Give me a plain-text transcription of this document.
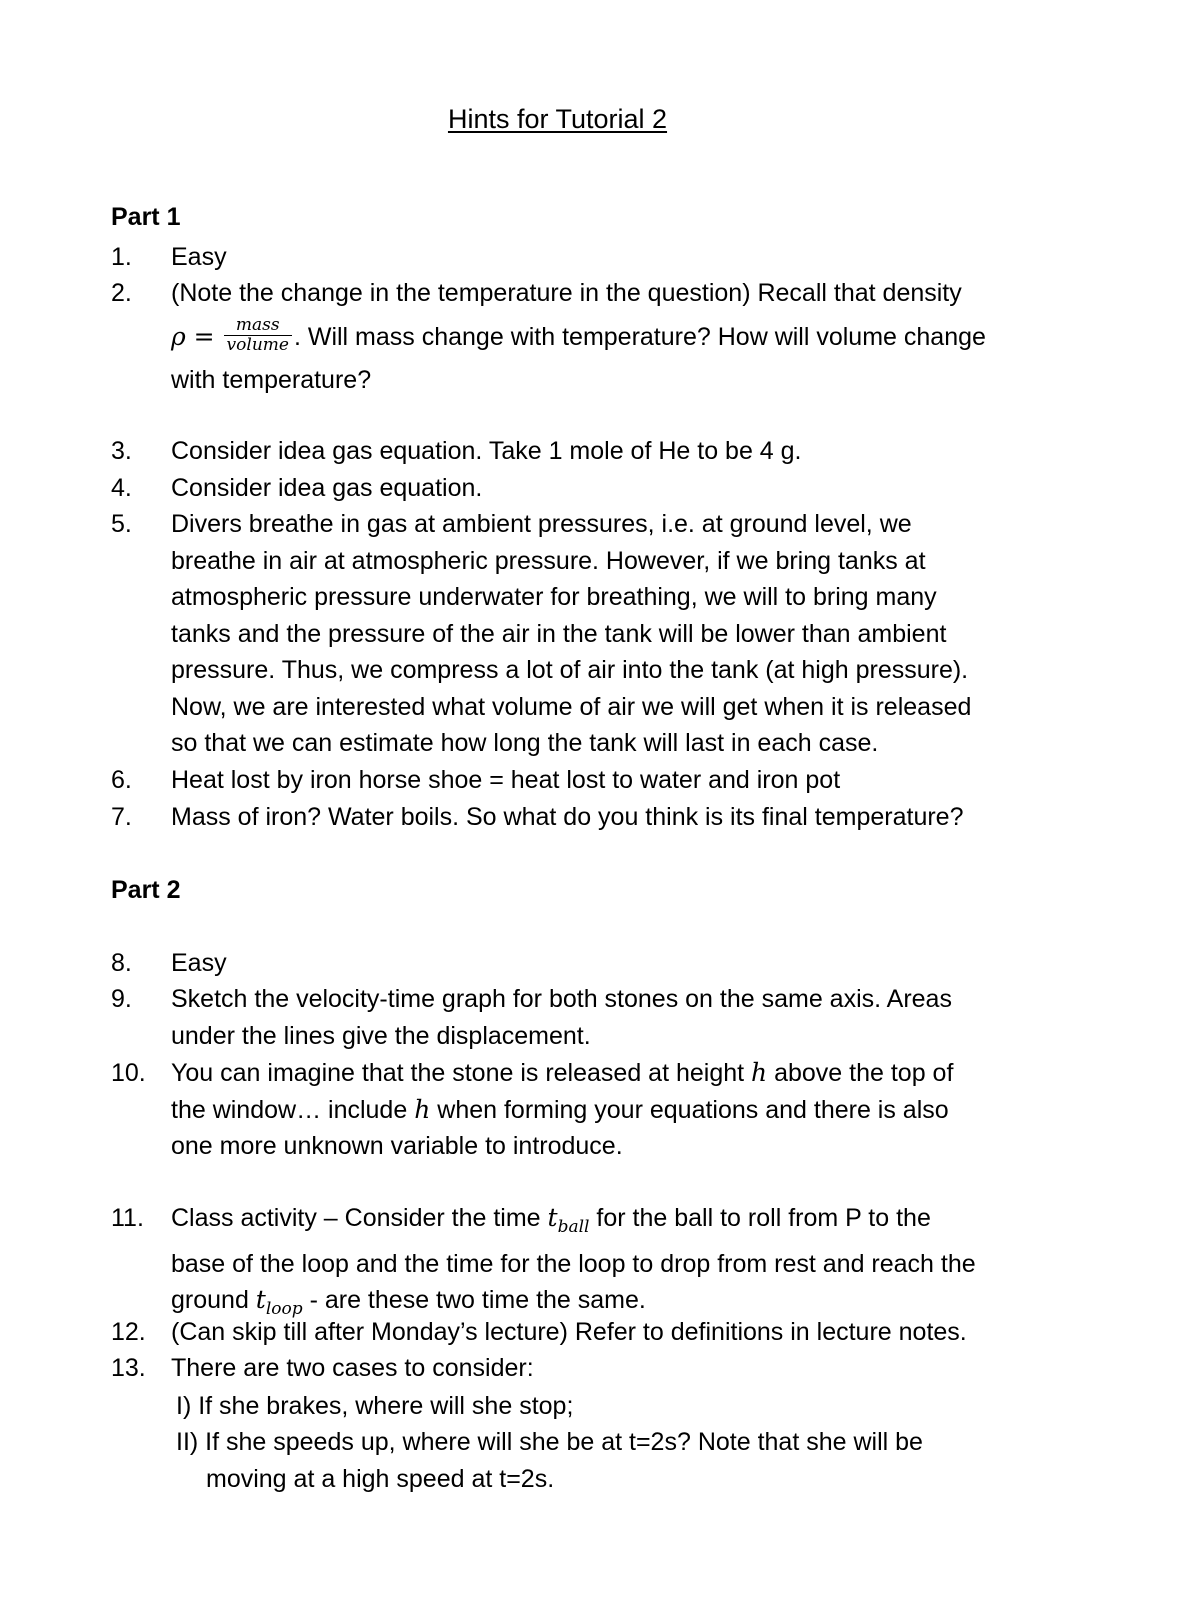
Hints for Tutorial 2
Part 1
1. Easy
2. (Note the change in the temperature in the question) Recall that density
$\rho = \frac{\text{mass}}{\text{volume}}$ . Will mass change with temperature? How will volume change
with temperature?
3. Consider idea gas equation. Take 1 mole of He to be 4 g.
4. Consider idea gas equation.
5. Divers breathe in gas at ambient pressures, i.e. at ground level, we
breathe in air at atmospheric pressure. However, if we bring tanks at
atmospheric pressure underwater for breathing, we will to bring many
tanks and the pressure of the air in the tank will be lower than ambient
pressure. Thus, we compress a lot of air into the tank (at high pressure).
Now, we are interested what volume of air we will get when it is released
so that we can estimate how long the tank will last in each case.
6. Heat lost by iron horse shoe = heat lost to water and iron pot
7. Mass of iron? Water boils. So what do you think is its final temperature?
Part 2
8. Easy
9. Sketch the velocity-time graph for both stones on the same axis. Areas
under the lines give the displacement.
10. You can imagine that the stone is released at height h above the top of
the window… include h when forming your equations and there is also
one more unknown variable to introduce.
11. Class activity – Consider the time $t_{ball}$ for the ball to roll from P to the
base of the loop and the time for the loop to drop from rest and reach the
ground $t_{loop}$ - are these two time the same.
12. (Can skip till after Monday’s lecture) Refer to definitions in lecture notes.
13. There are two cases to consider:
I) If she brakes, where will she stop;
II) If she speeds up, where will she be at t=2s? Note that she will be
moving at a high speed at t=2s.
